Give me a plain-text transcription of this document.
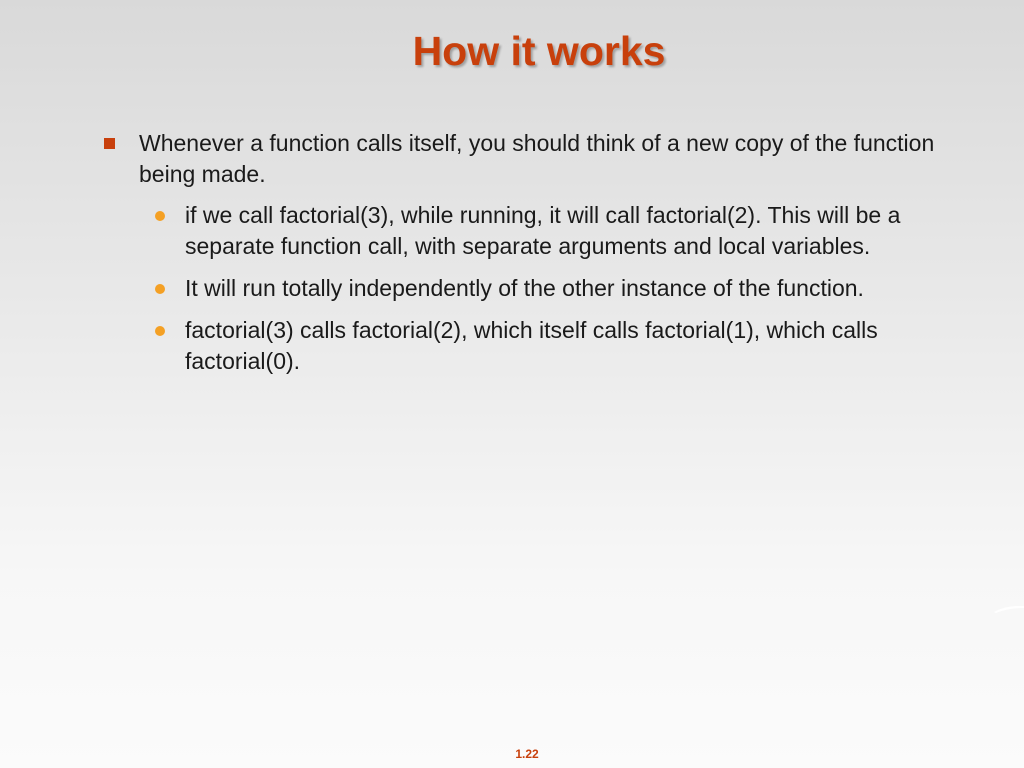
How it works
Whenever a function calls itself, you should think of a new copy of the function being made.
if we call factorial(3), while running, it will call factorial(2). This will be a separate function call, with separate arguments and local variables.
It will run totally independently of the other instance of the function.
factorial(3) calls factorial(2), which itself calls factorial(1), which calls factorial(0).
1.22
